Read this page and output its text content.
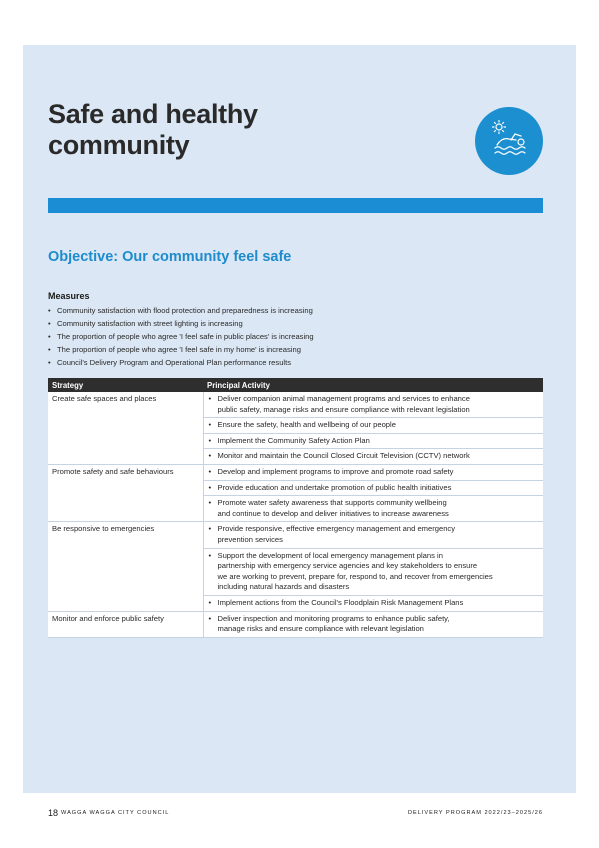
Safe and healthy
community
Objective: Our community feel safe
Measures
• Community satisfaction with flood protection and preparedness is increasing
• Community satisfaction with street lighting is increasing
• The proportion of people who agree 'I feel safe in public places' is increasing
• The proportion of people who agree 'I feel safe in my home' is increasing
• Council's Delivery Program and Operational Plan performance results
Strategy	Principal Activity
Create safe spaces and places	• Deliver companion animal management programs and services to enhance
public safety, manage risks and ensure compliance with relevant legislation

	• Ensure the safety, health and wellbeing of our people

	• Implement the Community Safety Action Plan

	• Monitor and maintain the Council Closed Circuit Television (CCTV) network

Promote safety and safe behaviours	• Develop and implement programs to improve and promote road safety

	• Provide education and undertake promotion of public health initiatives

	• Promote water safety awareness that supports community wellbeing
and continue to develop and deliver initiatives to increase awareness

Be responsive to emergencies	• Provide responsive, effective emergency management and emergency
prevention services

	• Support the development of local emergency management plans in
partnership with emergency service agencies and key stakeholders to ensure
we are working to prevent, prepare for, respond to, and recover from emergencies
including natural hazards and disasters

	• Implement actions from the Council's Floodplain Risk Management Plans

Monitor and enforce public safety	• Deliver inspection and monitoring programs to enhance public safety,
manage risks and ensure compliance with relevant legislation
18 WAGGA WAGGA CITY COUNCIL	DELIVERY PROGRAM 2022/23–2025/26
